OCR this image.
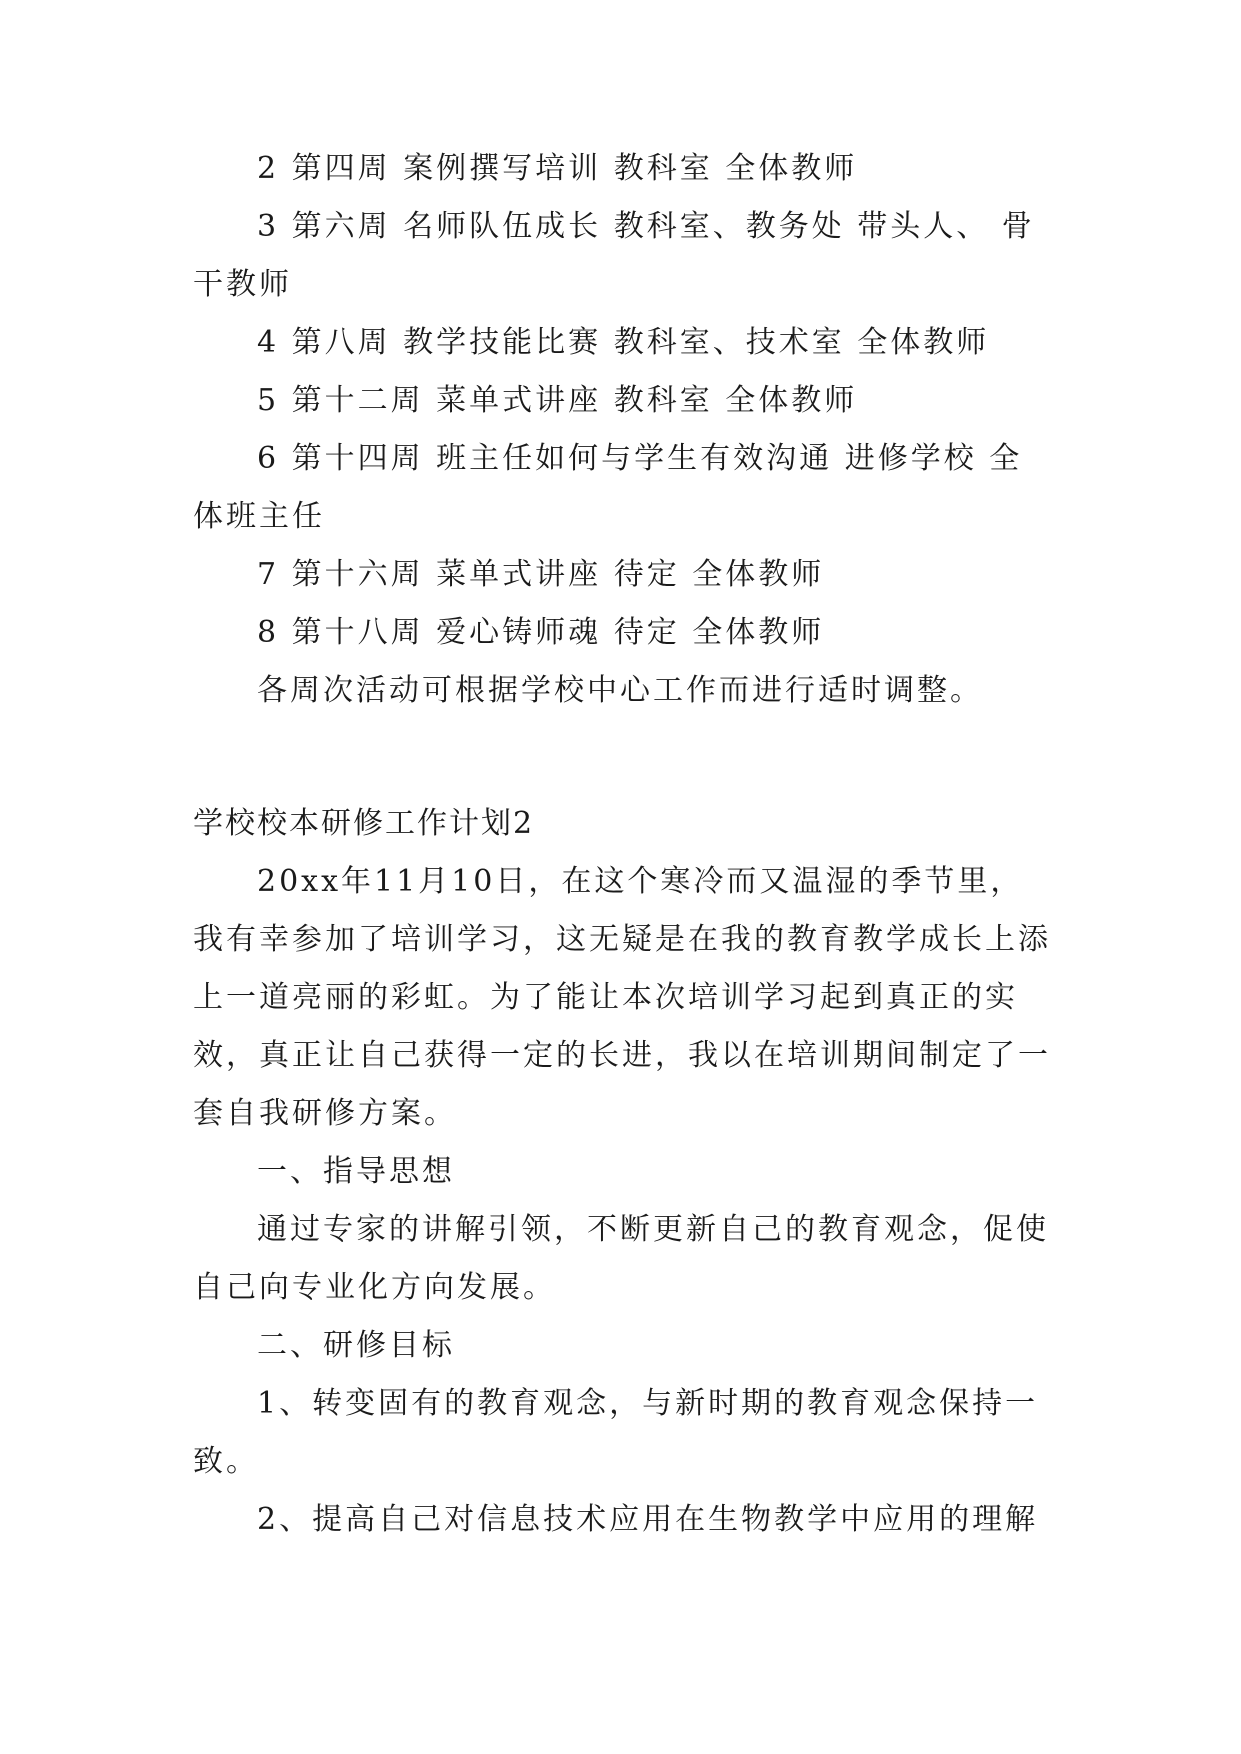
2 第四周 案例撰写培训 教科室 全体教师

3 第六周 名师队伍成长 教科室、教务处 带头人、 骨干教师

4 第八周 教学技能比赛 教科室、技术室 全体教师

5 第十二周 菜单式讲座 教科室 全体教师

6 第十四周 班主任如何与学生有效沟通 进修学校 全体班主任

7 第十六周 菜单式讲座 待定 全体教师

8 第十八周 爱心铸师魂 待定 全体教师

各周次活动可根据学校中心工作而进行适时调整。

学校校本研修工作计划2

20xx年11月10日，在这个寒冷而又温湿的季节里，我有幸参加了培训学习，这无疑是在我的教育教学成长上添上一道亮丽的彩虹。为了能让本次培训学习起到真正的实效，真正让自己获得一定的长进，我以在培训期间制定了一套自我研修方案。

一、指导思想

通过专家的讲解引领，不断更新自己的教育观念，促使自己向专业化方向发展。

二、研修目标

1、转变固有的教育观念，与新时期的教育观念保持一致。

2、提高自己对信息技术应用在生物教学中应用的理解
